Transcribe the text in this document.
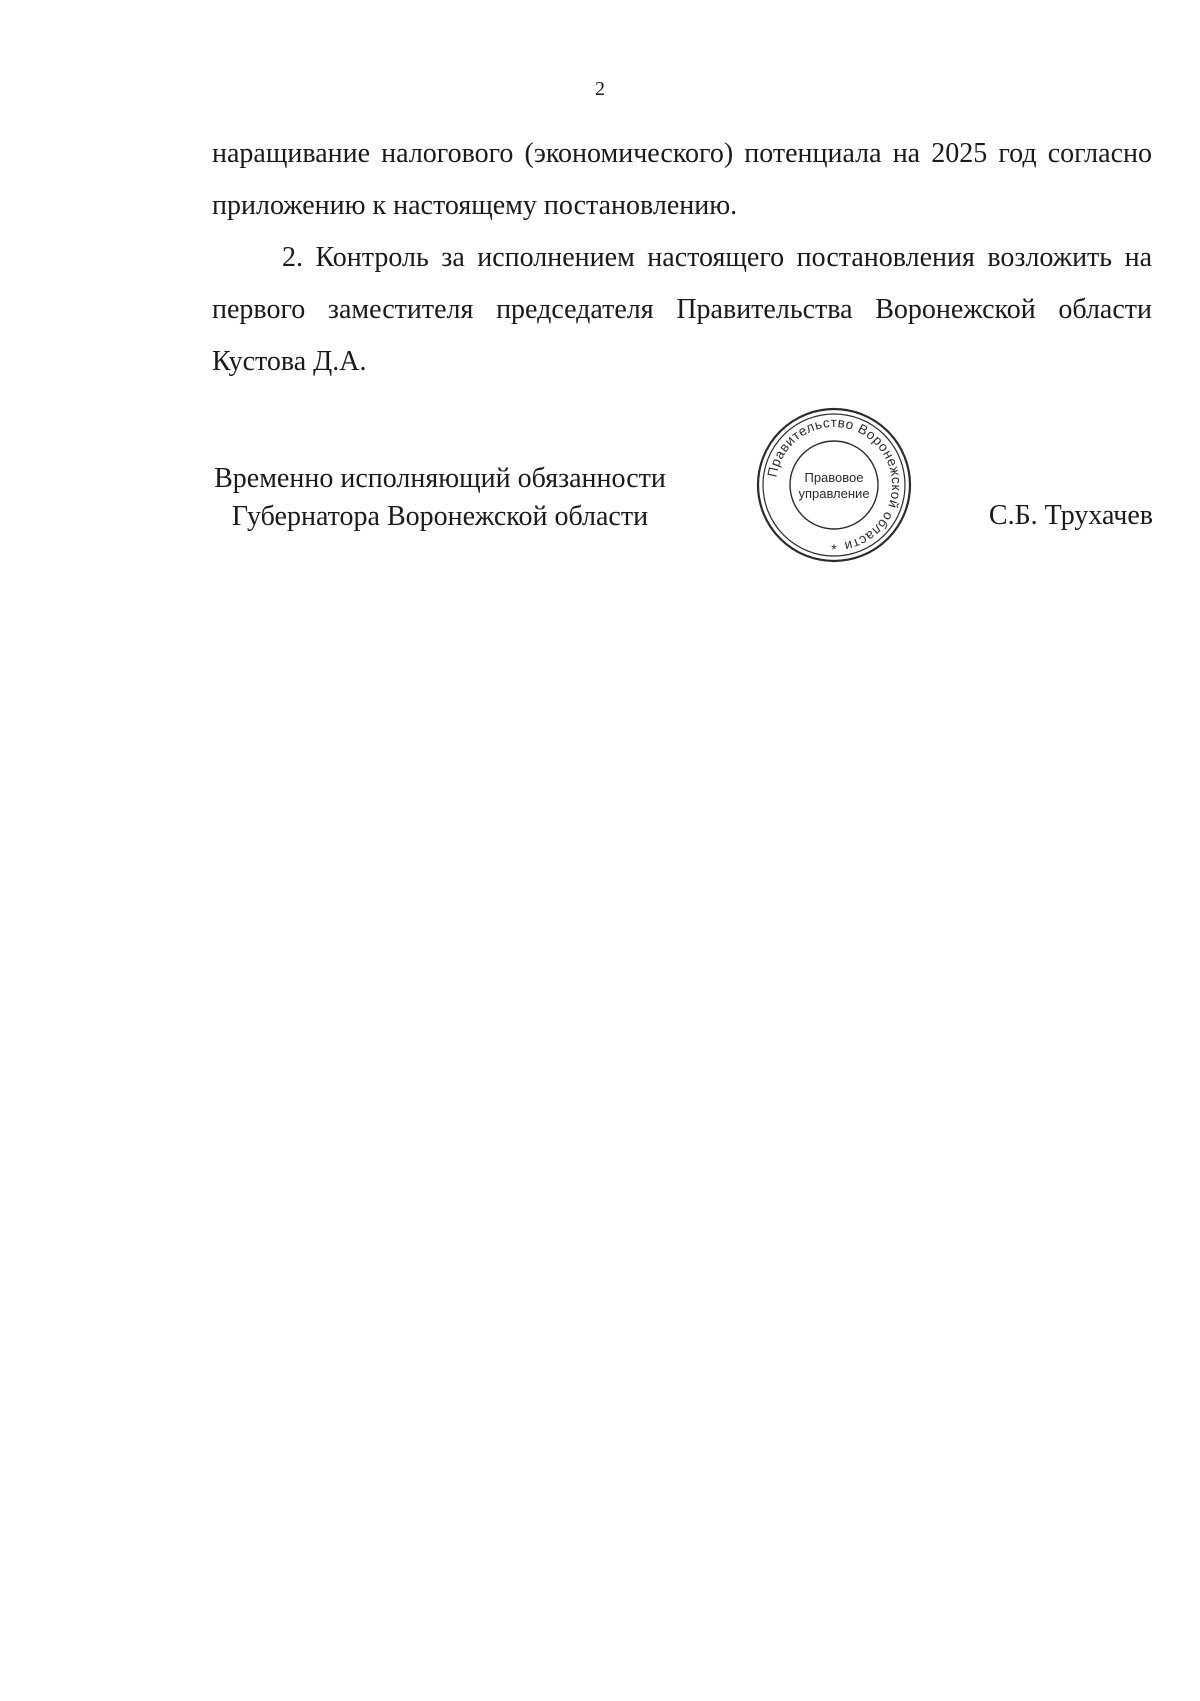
2

наращивание налогового (экономического) потенциала на 2025 год согласно приложению к настоящему постановлению.

2. Контроль за исполнением настоящего постановления возложить на первого заместителя председателя Правительства Воронежской области Кустова Д.А.

Временно исполняющий обязанности
Губернатора Воронежской области
Правительство Воронежской области
Правовое
управление
*
С.Б. Трухачев
